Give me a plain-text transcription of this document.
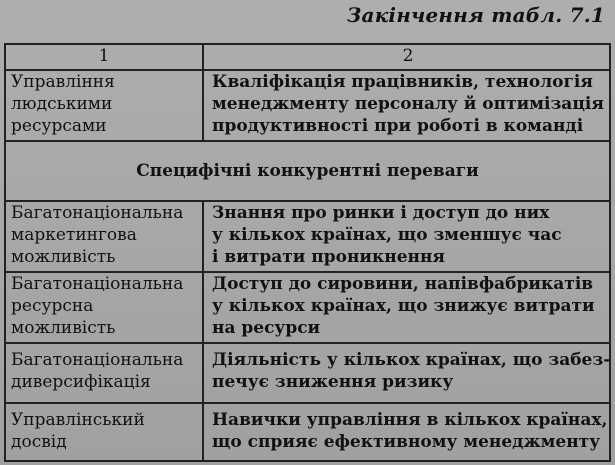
Закінчення табл. 7.1
1	2
Управління
людськими
ресурсами
Кваліфікація працівників, технологія
менеджменту персоналу й оптимізація
продуктивності при роботі в команді
Специфічні конкурентні переваги
Багатонаціональна
маркетингова
можливість
Знання про ринки і доступ до них
у кількох країнах, що зменшує час
і витрати проникнення
Багатонаціональна
ресурсна
можливість
Доступ до сировини, напівфабрикатів
у кількох країнах, що знижує витрати
на ресурси
Багатонаціональна
диверсифікація
Діяльність у кількох країнах, що забез-
печує зниження ризику
Управлінський
досвід
Навички управління в кількох країнах,
що сприяє ефективному менеджменту
